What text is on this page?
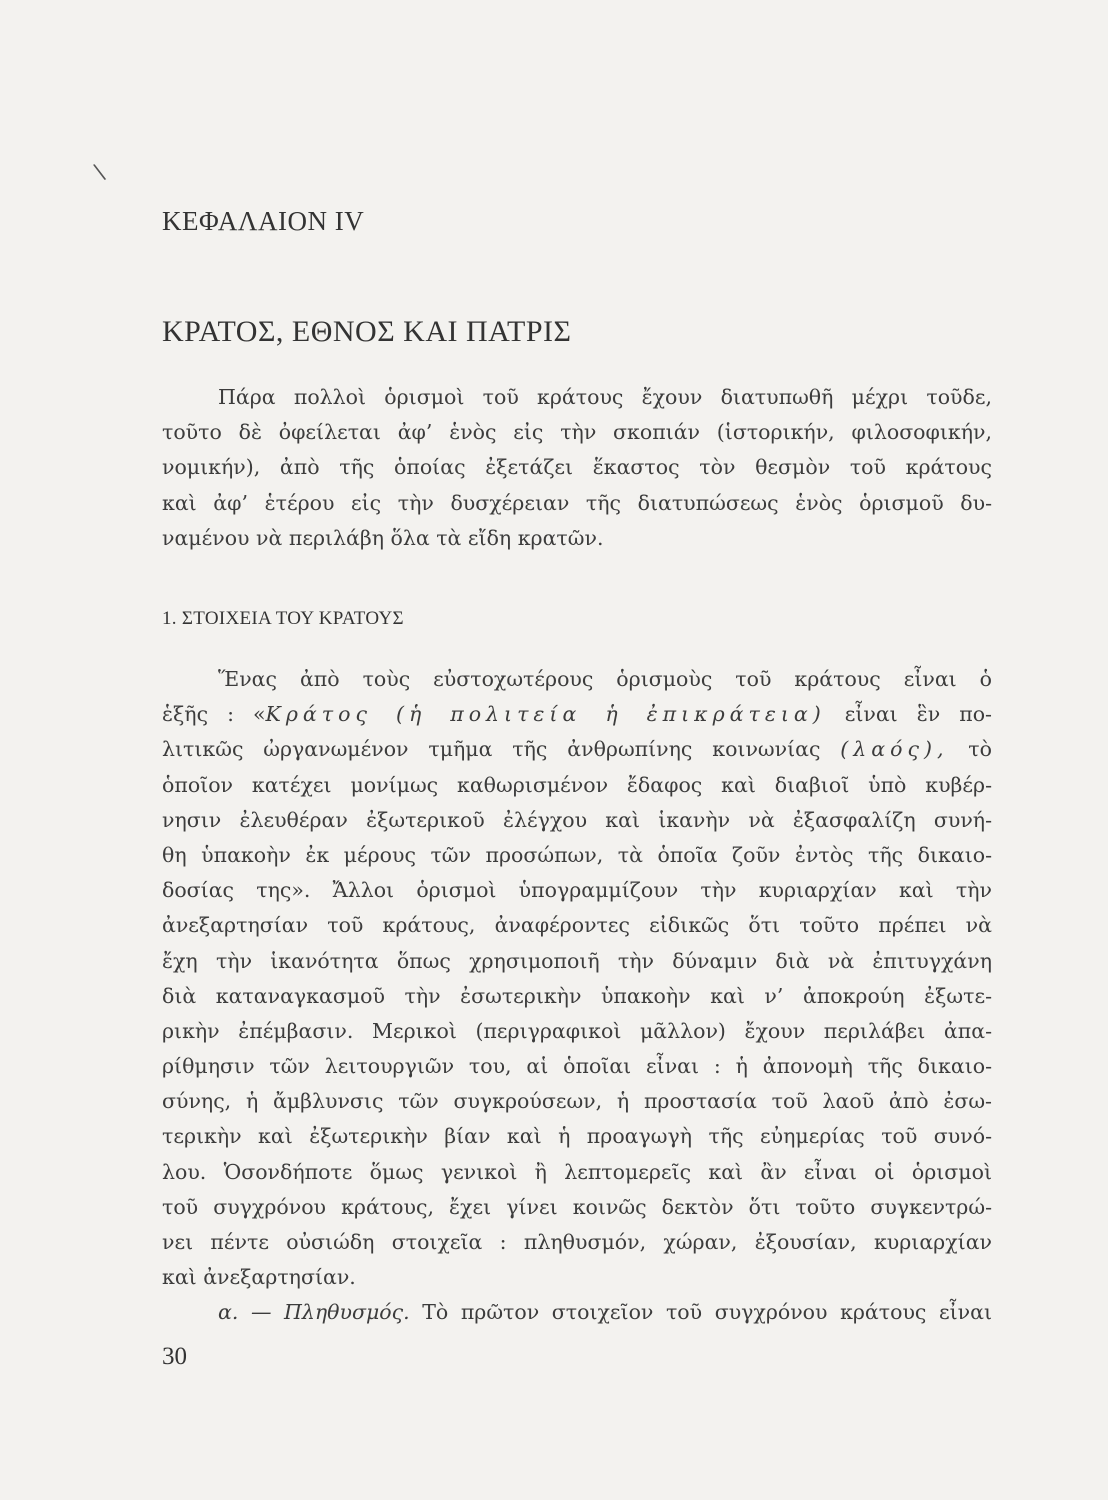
\
ΚΕΦΑΛΑΙΟΝ IV
ΚΡΑΤΟΣ, ΕΘΝΟΣ ΚΑΙ ΠΑΤΡΙΣ
Πάρα πολλοὶ ὁρισμοὶ τοῦ κράτους ἔχουν διατυπωθῆ μέχρι τοῦδε,
τοῦτο δὲ ὀφείλεται ἀφ’ ἑνὸς εἰς τὴν σκοπιάν (ἱστορικήν, φιλοσοφικήν,
νομικήν), ἀπὸ τῆς ὁποίας ἐξετάζει ἕκαστος τὸν θεσμὸν τοῦ κράτους
καὶ ἀφ’ ἑτέρου εἰς τὴν δυσχέρειαν τῆς διατυπώσεως ἑνὸς ὁρισμοῦ δυ-
ναμένου νὰ περιλάβη ὅλα τὰ εἴδη κρατῶν.
1. ΣΤΟΙΧΕΙΑ ΤΟΥ ΚΡΑΤΟΥΣ
Ἕνας ἀπὸ τοὺς εὐστοχωτέρους ὁρισμοὺς τοῦ κράτους εἶναι ὁ
ἑξῆς : «Κράτος (ἡ πολιτεία ἡ ἐπικράτεια) εἶναι ἓν πο-
λιτικῶς ὠργανωμένον τμῆμα τῆς ἀνθρωπίνης κοινωνίας (λαός), τὸ
ὁποῖον κατέχει μονίμως καθωρισμένον ἔδαφος καὶ διαβιοῖ ὑπὸ κυβέρ-
νησιν ἐλευθέραν ἐξωτερικοῦ ἐλέγχου καὶ ἱκανὴν νὰ ἐξασφαλίζη συνή-
θη ὑπακοὴν ἐκ μέρους τῶν προσώπων, τὰ ὁποῖα ζοῦν ἐντὸς τῆς δικαιο-
δοσίας της». Ἄλλοι ὁρισμοὶ ὑπογραμμίζουν τὴν κυριαρχίαν καὶ τὴν
ἀνεξαρτησίαν τοῦ κράτους, ἀναφέροντες εἰδικῶς ὅτι τοῦτο πρέπει νὰ
ἔχη τὴν ἱκανότητα ὅπως χρησιμοποιῆ τὴν δύναμιν διὰ νὰ ἐπιτυγχάνη
διὰ καταναγκασμοῦ τὴν ἐσωτερικὴν ὑπακοὴν καὶ ν’ ἀποκρούη ἐξωτε-
ρικὴν ἐπέμβασιν. Μερικοὶ (περιγραφικοὶ μᾶλλον) ἔχουν περιλάβει ἀπα-
ρίθμησιν τῶν λειτουργιῶν του, αἱ ὁποῖαι εἶναι : ἡ ἀπονομὴ τῆς δικαιο-
σύνης, ἡ ἄμβλυνσις τῶν συγκρούσεων, ἡ προστασία τοῦ λαοῦ ἀπὸ ἐσω-
τερικὴν καὶ ἐξωτερικὴν βίαν καὶ ἡ προαγωγὴ τῆς εὐημερίας τοῦ συνό-
λου. Ὁσονδήποτε ὅμως γενικοὶ ἢ λεπτομερεῖς καὶ ἂν εἶναι οἱ ὁρισμοὶ
τοῦ συγχρόνου κράτους, ἔχει γίνει κοινῶς δεκτὸν ὅτι τοῦτο συγκεντρώ-
νει πέντε οὐσιώδη στοιχεῖα : πληθυσμόν, χώραν, ἐξουσίαν, κυριαρχίαν
καὶ ἀνεξαρτησίαν.
α. — Πληθυσμός. Τὸ πρῶτον στοιχεῖον τοῦ συγχρόνου κράτους εἶναι
30
